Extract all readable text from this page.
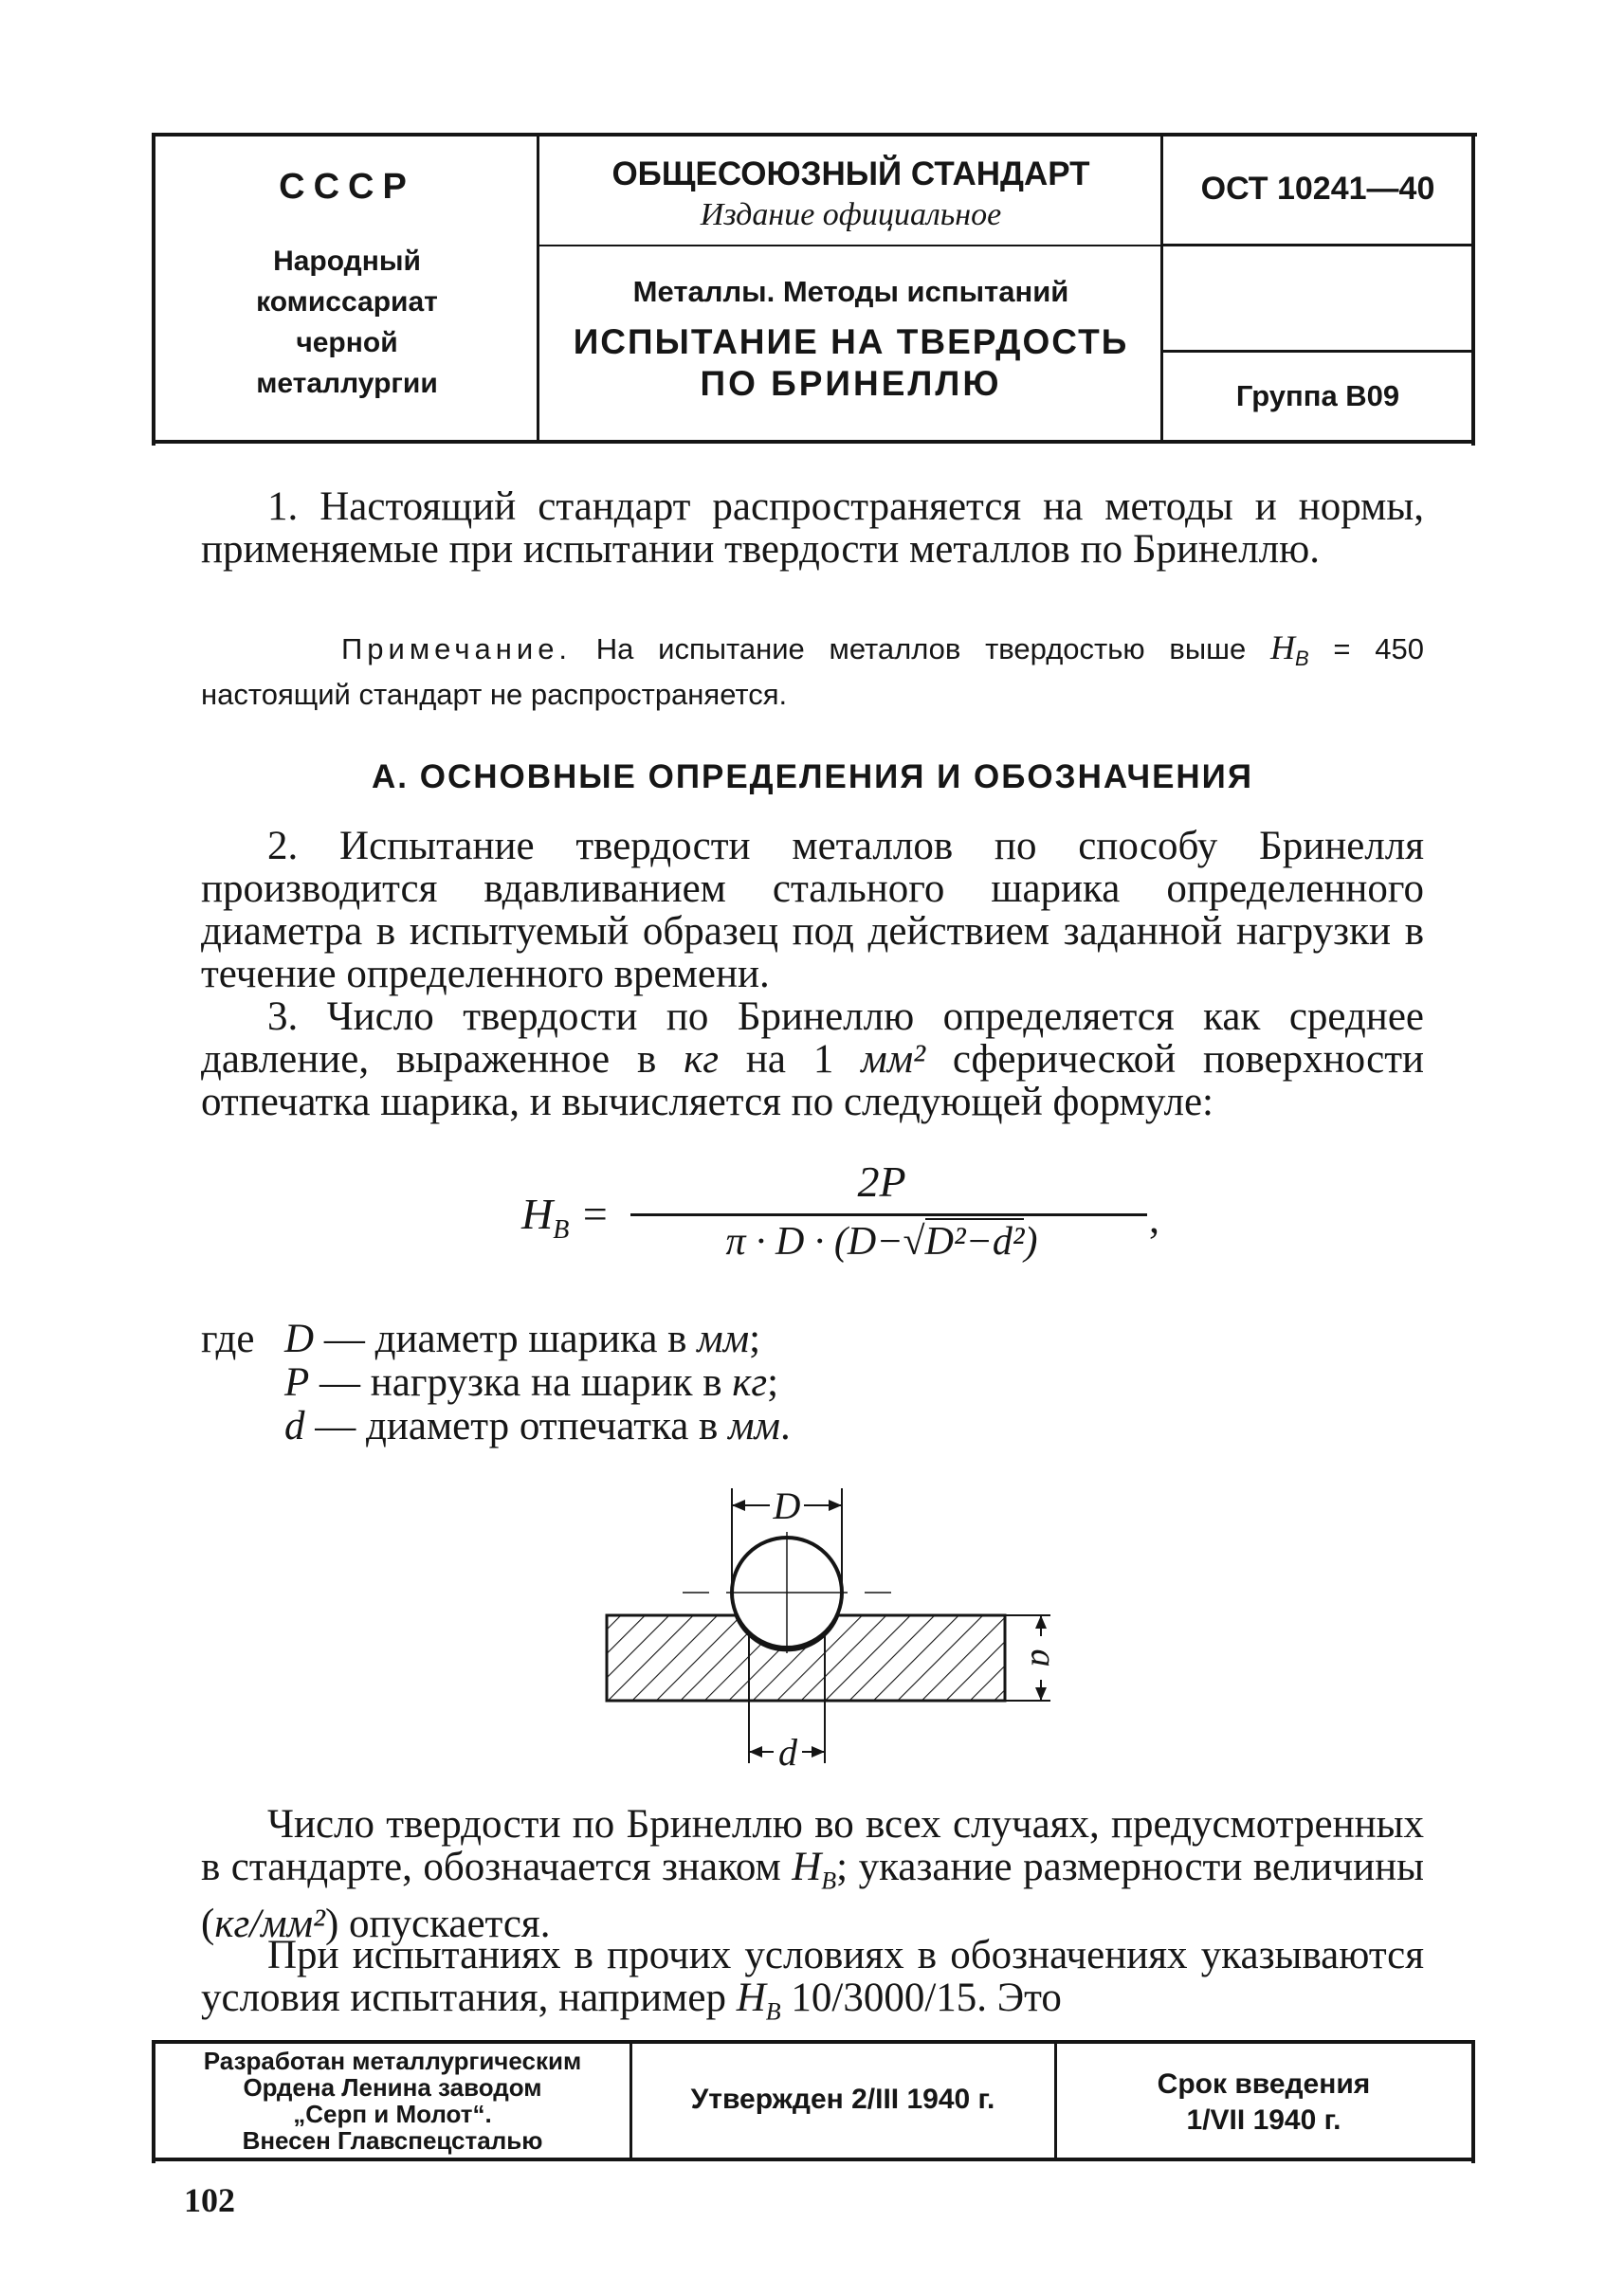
СССР
Народный
комиссариат
черной
металлургии
ОБЩЕСОЮЗНЫЙ СТАНДАРТ
Издание официальное
Металлы. Методы испытаний
ИСПЫТАНИЕ НА ТВЕРДОСТЬ
ПО БРИНЕЛЛЮ
ОСТ 10241—40
Группа В09
1. Настоящий стандарт распространяется на методы и нормы, применяемые при испытании твердости металлов по Бринеллю.
Примечание. На испытание металлов твердостью выше $H_B = 450$ настоящий стандарт не распространяется.
А. ОСНОВНЫЕ ОПРЕДЕЛЕНИЯ И ОБОЗНАЧЕНИЯ
2. Испытание твердости металлов по способу Бринелля производится вдавливанием стального шарика определенного диаметра в испытуемый образец под действием заданной нагрузки в течение определенного времени.
3. Число твердости по Бринеллю определяется как среднее давление, выраженное в кг на 1 мм² сферической поверхности отпечатка шарика, и вычисляется по следующей формуле:
$H_B$ =
2P
π · D · (D−√D²−d²)	,
где D — диаметр шарика в мм;
P — нагрузка на шарик в кг;
d — диаметр отпечатка в мм.
D
d
a
Число твердости по Бринеллю во всех случаях, предусмотренных в стандарте, обозначается знаком $H_B$; указание размерности величины (кг/мм²) опускается.
При испытаниях в прочих условиях в обозначениях указываются условия испытания, например $H_B$ 10/3000/15. Это
Разработан металлургическим
Ордена Ленина заводом
„Серп и Молот“.
Внесен Главспецсталью
Утвержден 2/III 1940 г.	Срок введения
1/VII 1940 г.
102
